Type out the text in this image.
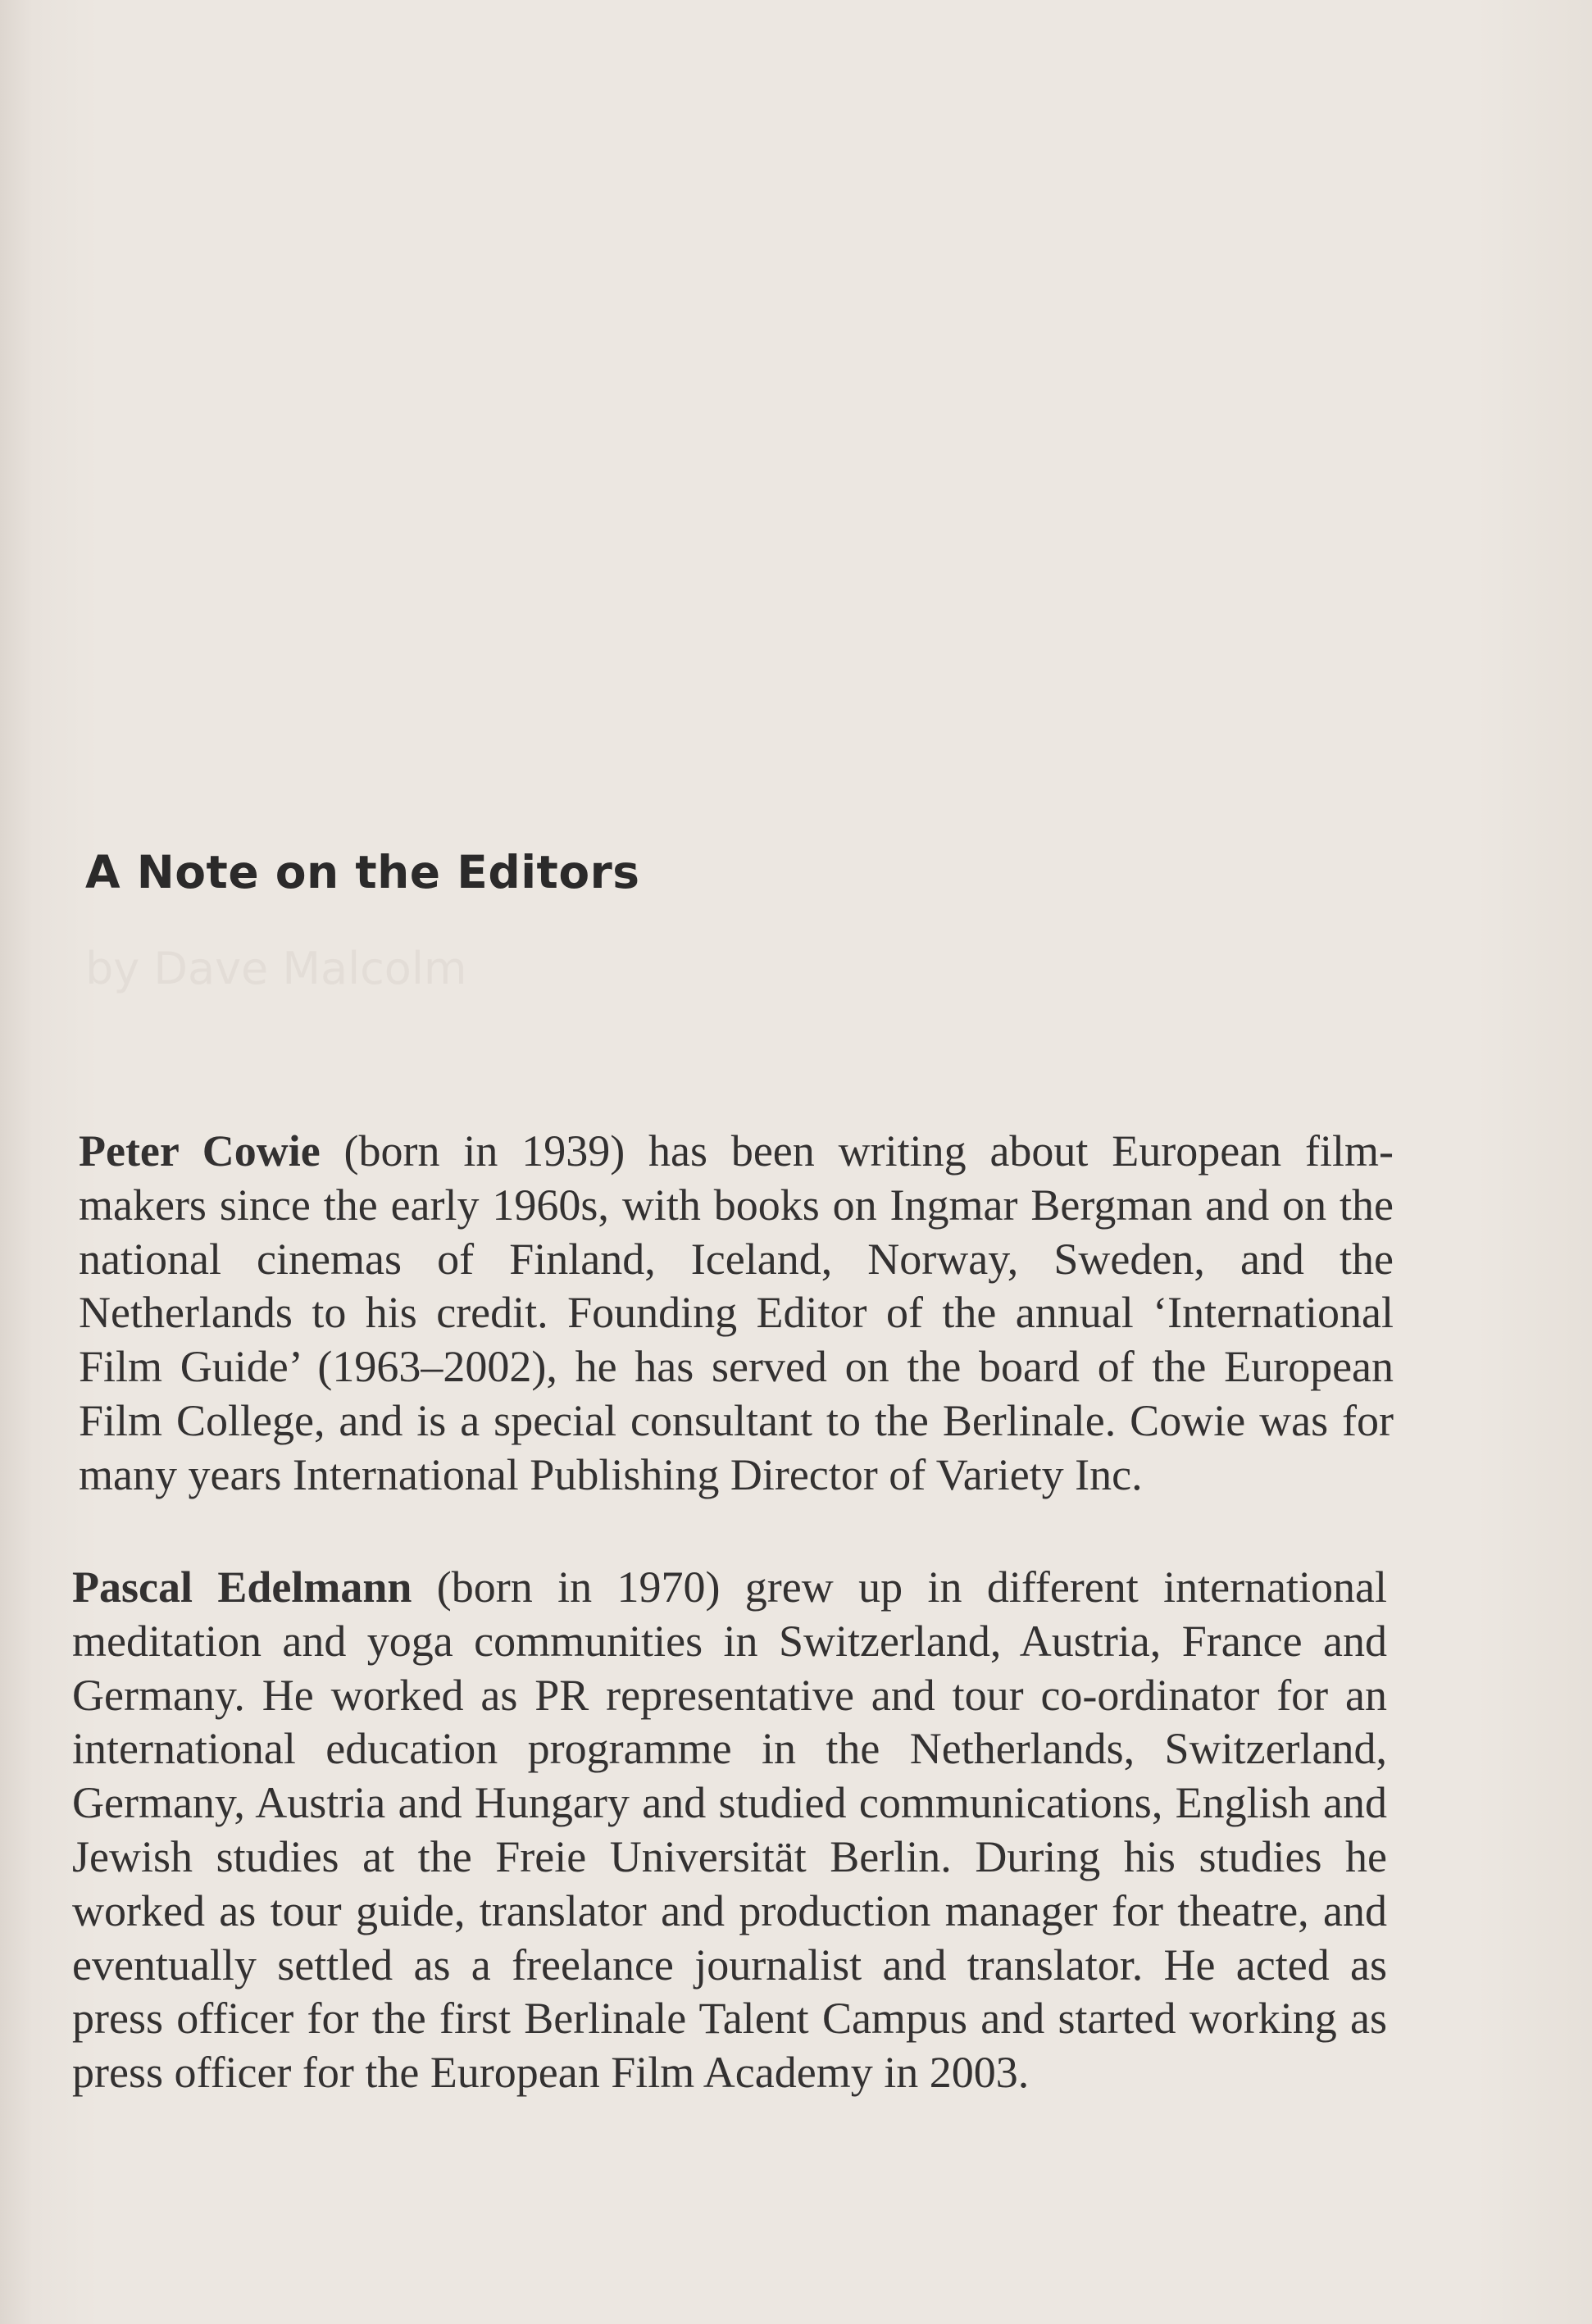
A Note on the Editors
by Dave Malcolm

Peter Cowie (born in 1939) has been writing about European film-makers since the early 1960s, with books on Ingmar Bergman and on the national cinemas of Finland, Iceland, Norway, Sweden, and the Netherlands to his credit. Founding Editor of the annual ‘International Film Guide’ (1963–2002), he has served on the board of the European Film College, and is a special consultant to the Berlinale. Cowie was for many years International Publishing Director of Variety Inc.

Pascal Edelmann (born in 1970) grew up in different international meditation and yoga communities in Switzerland, Austria, France and Germany. He worked as PR representative and tour co-ordinator for an international education programme in the Netherlands, Switzerland, Germany, Austria and Hungary and studied communications, English and Jewish studies at the Freie Universität Berlin. During his studies he worked as tour guide, translator and production manager for theatre, and eventually settled as a freelance journalist and translator. He acted as press officer for the first Berlinale Talent Campus and started working as press officer for the European Film Academy in 2003.
